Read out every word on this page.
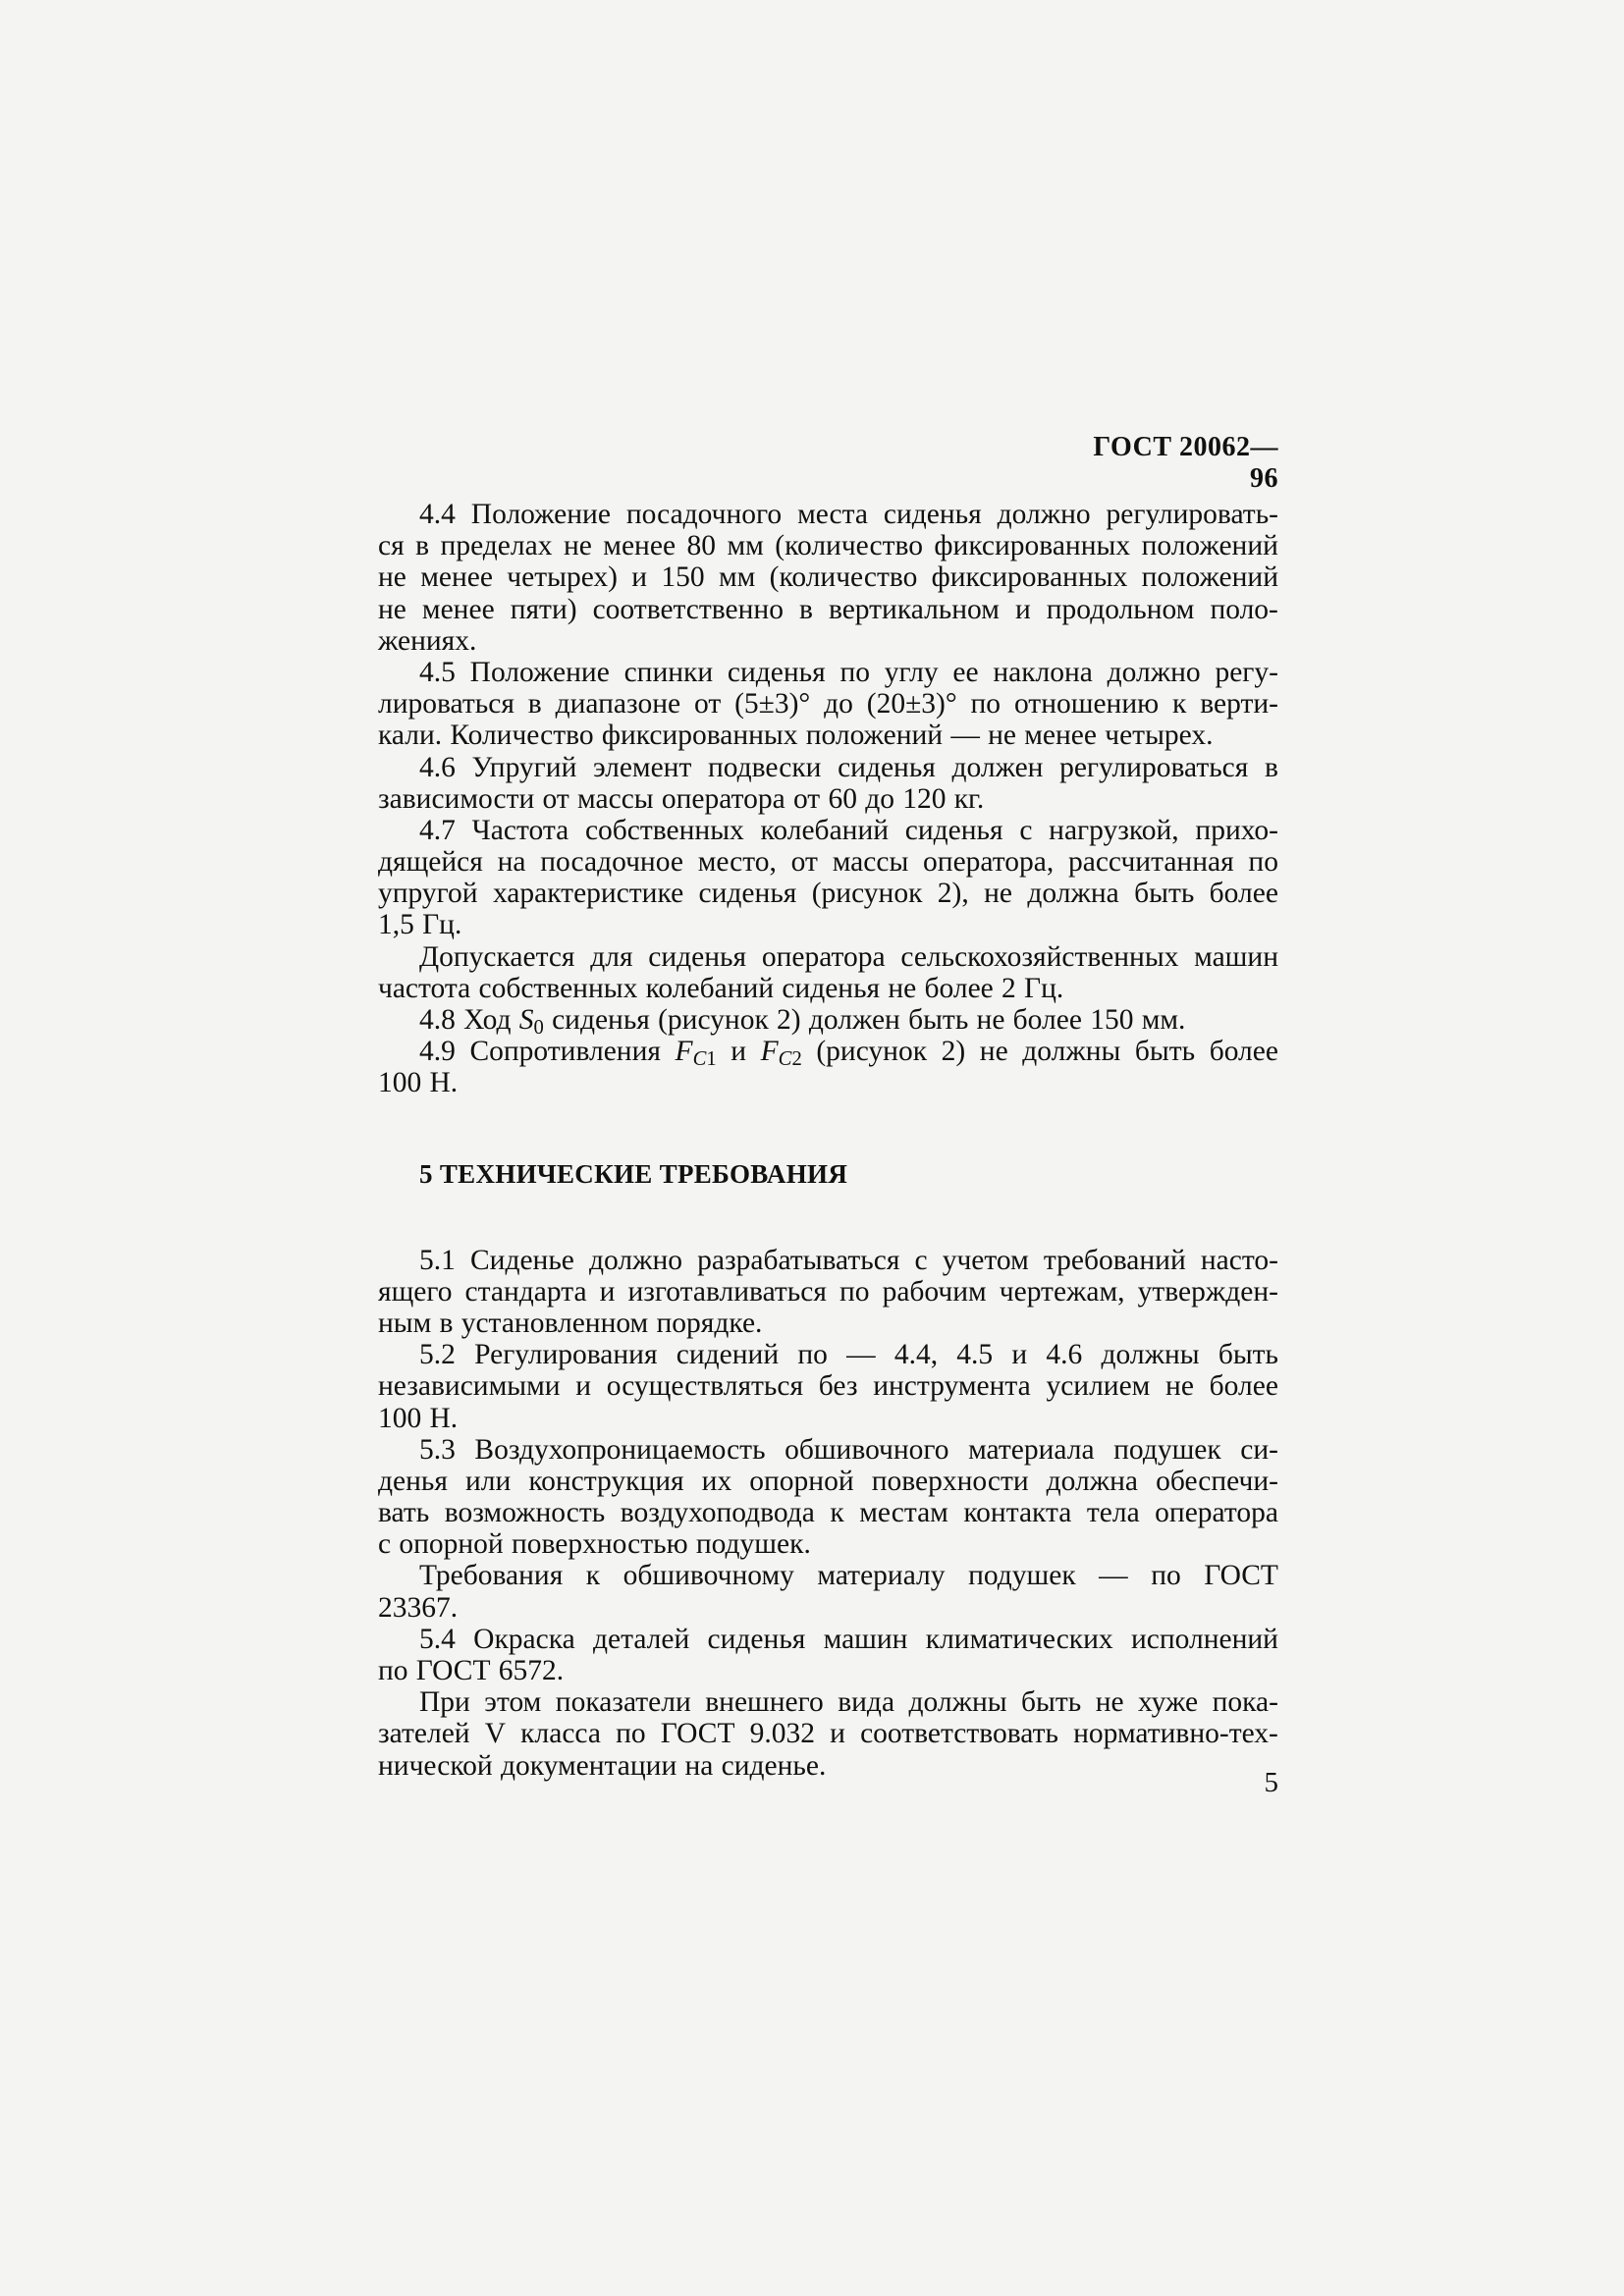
ГОСТ 20062—96
4.4 Положение посадочного места сиденья должно регулировать-
ся в пределах не менее 80 мм (количество фиксированных положений
не менее четырех) и 150 мм (количество фиксированных положений
не менее пяти) соответственно в вертикальном и продольном поло-
жениях.
4.5 Положение спинки сиденья по углу ее наклона должно регу-
лироваться в диапазоне от (5±3)° до (20±3)° по отношению к верти-
кали. Количество фиксированных положений — не менее четырех.
4.6 Упругий элемент подвески сиденья должен регулироваться в
зависимости от массы оператора от 60 до 120 кг.
4.7 Частота собственных колебаний сиденья с нагрузкой, прихо-
дящейся на посадочное место, от массы оператора, рассчитанная по
упругой характеристике сиденья (рисунок 2), не должна быть более
1,5 Гц.
Допускается для сиденья оператора сельскохозяйственных машин
частота собственных колебаний сиденья не более 2 Гц.
4.8 Ход $S_0$ сиденья (рисунок 2) должен быть не более 150 мм.
4.9 Сопротивления $F_{C1}$ и $F_{C2}$ (рисунок 2) не должны быть более
100 Н.
5 ТЕХНИЧЕСКИЕ ТРЕБОВАНИЯ
5.1 Сиденье должно разрабатываться с учетом требований насто-
ящего стандарта и изготавливаться по рабочим чертежам, утвержден-
ным в установленном порядке.
5.2 Регулирования сидений по — 4.4, 4.5 и 4.6 должны быть
независимыми и осуществляться без инструмента усилием не более
100 Н.
5.3 Воздухопроницаемость обшивочного материала подушек си-
денья или конструкция их опорной поверхности должна обеспечи-
вать возможность воздухоподвода к местам контакта тела оператора
с опорной поверхностью подушек.
Требования к обшивочному материалу подушек — по ГОСТ
23367.
5.4 Окраска деталей сиденья машин климатических исполнений
по ГОСТ 6572.
При этом показатели внешнего вида должны быть не хуже пока-
зателей V класса по ГОСТ 9.032 и соответствовать нормативно-тех-
нической документации на сиденье.
5
